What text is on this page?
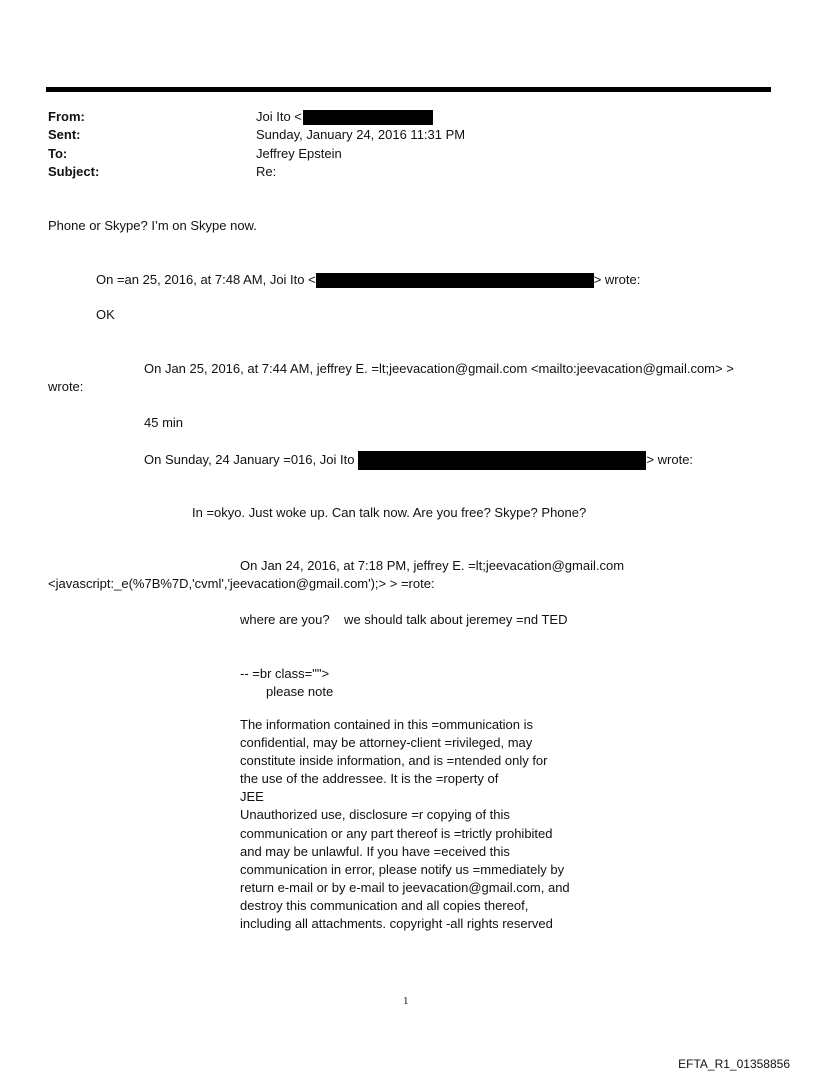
From:	Joi Ito <
Sent:	Sunday, January 24, 2016 11:31 PM
To:	Jeffrey Epstein
Subject:	Re:
Phone or Skype? I’m on Skype now.
On =an 25, 2016, at 7:48 AM, Joi Ito <	> wrote:
OK
On Jan 25, 2016, at 7:44 AM, jeffrey E. =lt;jeevacation@gmail.com <mailto:jeevacation@gmail.com> >
wrote:
45 min
On Sunday, 24 January =016, Joi Ito	> wrote:
In =okyo. Just woke up. Can talk now. Are you free? Skype? Phone?
On Jan 24, 2016, at 7:18 PM, jeffrey E. =lt;jeevacation@gmail.com
<javascript:_e(%7B%7D,'cvml','jeevacation@gmail.com');> > =rote:
where are you?    we should talk about jeremey =nd TED
-- =br class="">
please note
The information contained in this =ommunication is
confidential, may be attorney-client =rivileged, may
constitute inside information, and is =ntended only for
the use of the addressee. It is the =roperty of
JEE
Unauthorized use, disclosure =r copying of this
communication or any part thereof is =trictly prohibited
and may be unlawful. If you have =eceived this
communication in error, please notify us =mmediately by
return e-mail or by e-mail to jeevacation@gmail.com, and
destroy this communication and all copies thereof,
including all attachments. copyright -all rights reserved
1
EFTA_R1_01358856
